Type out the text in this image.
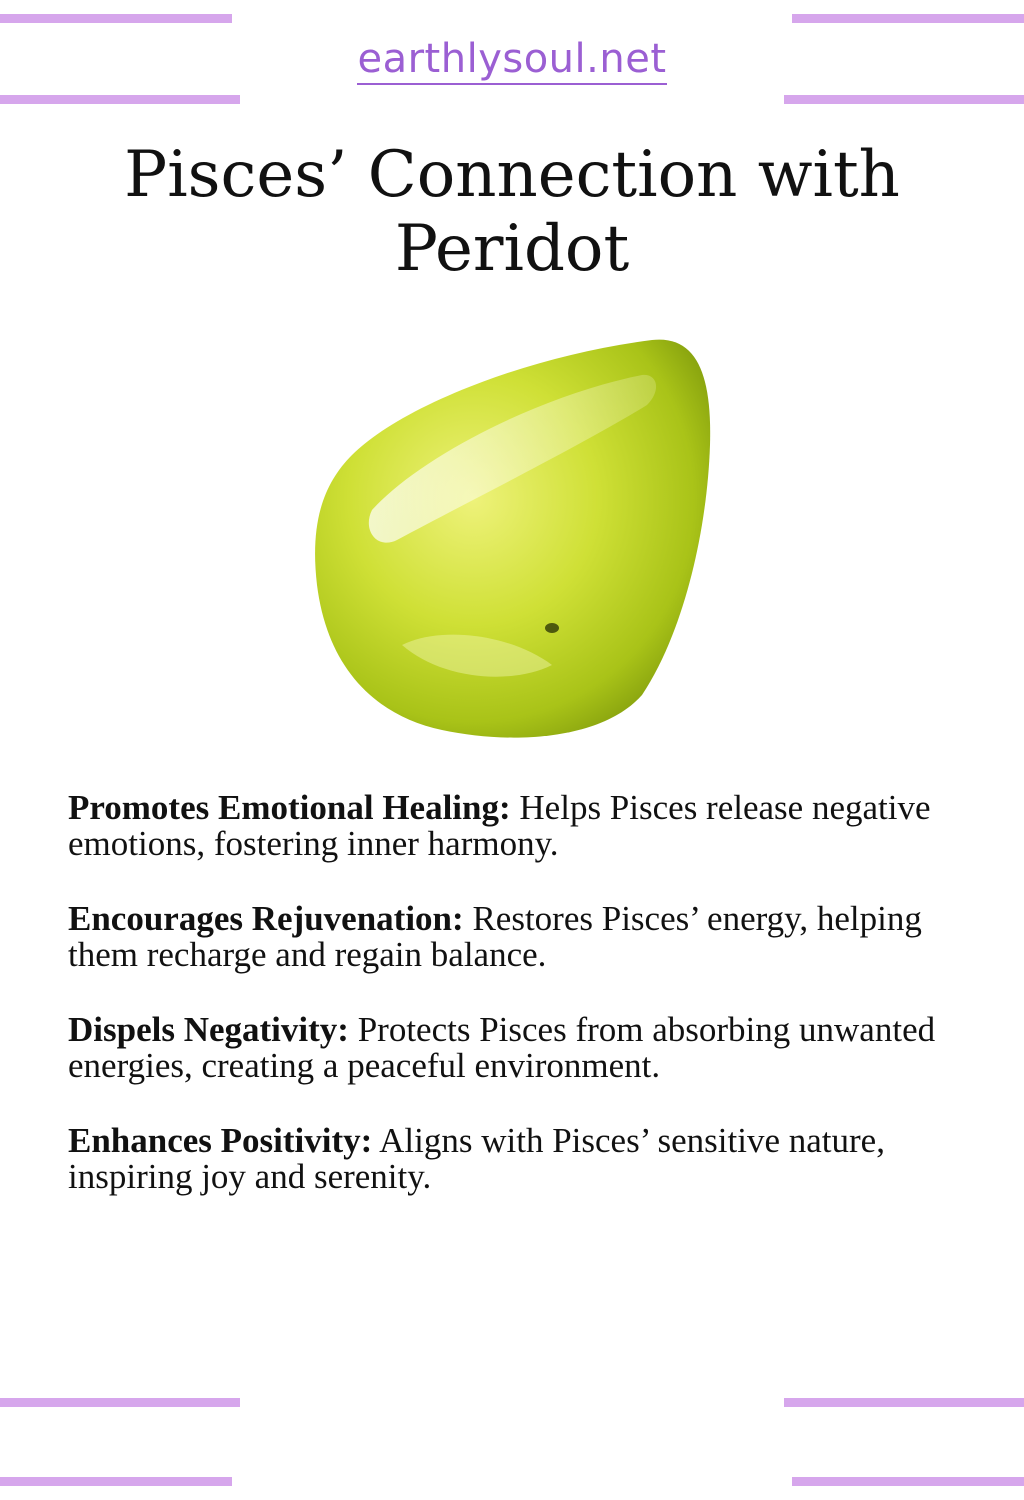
earthlysoul.net
Pisces’ Connection with Peridot

Promotes Emotional Healing: Helps Pisces release negative emotions, fostering inner harmony.

Encourages Rejuvenation: Restores Pisces’ energy, helping them recharge and regain balance.

Dispels Negativity: Protects Pisces from absorbing unwanted energies, creating a peaceful environment.

Enhances Positivity: Aligns with Pisces’ sensitive nature, inspiring joy and serenity.
